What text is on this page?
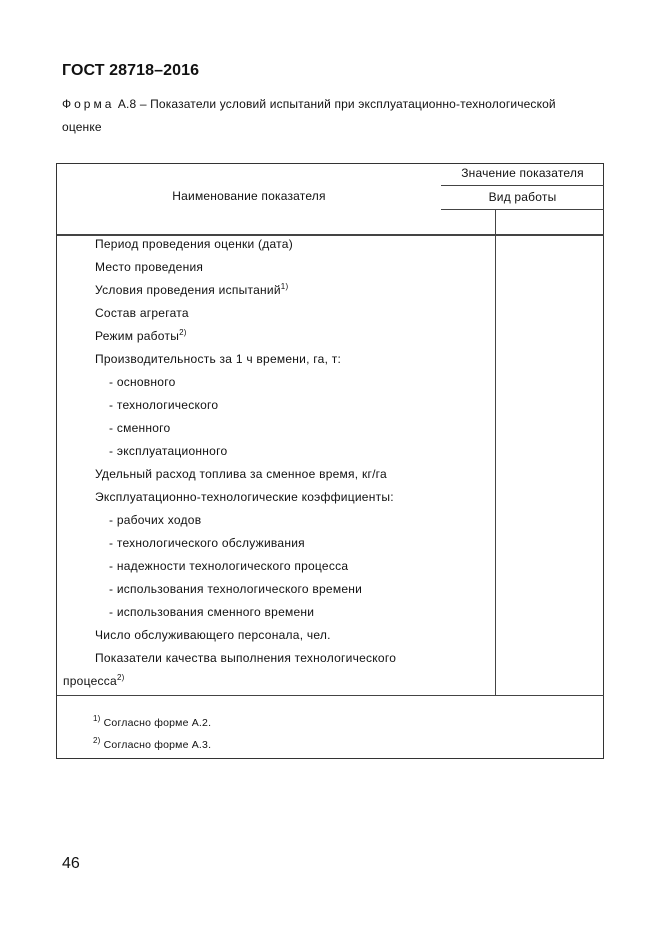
ГОСТ 28718–2016
Форма А.8 – Показатели условий испытаний при эксплуатационно-технологической
оценке
Наименование показателя
Значение показателя
Вид работы
Период проведения оценки (дата)
Место проведения
Условия проведения испытаний$^{1)}$
Состав агрегата
Режим работы$^{2)}$
Производительность за 1 ч времени, га, т:
- основного
- технологического
- сменного
- эксплуатационного
Удельный расход топлива за сменное время, кг/га
Эксплуатационно-технологические коэффициенты:
- рабочих ходов
- технологического обслуживания
- надежности технологического процесса
- использования технологического времени
- использования сменного времени
Число обслуживающего персонала, чел.
Показатели качества выполнения технологического
процесса$^{2)}$
$^{1)}$ Согласно форме А.2.
$^{2)}$ Согласно форме А.3.
46
